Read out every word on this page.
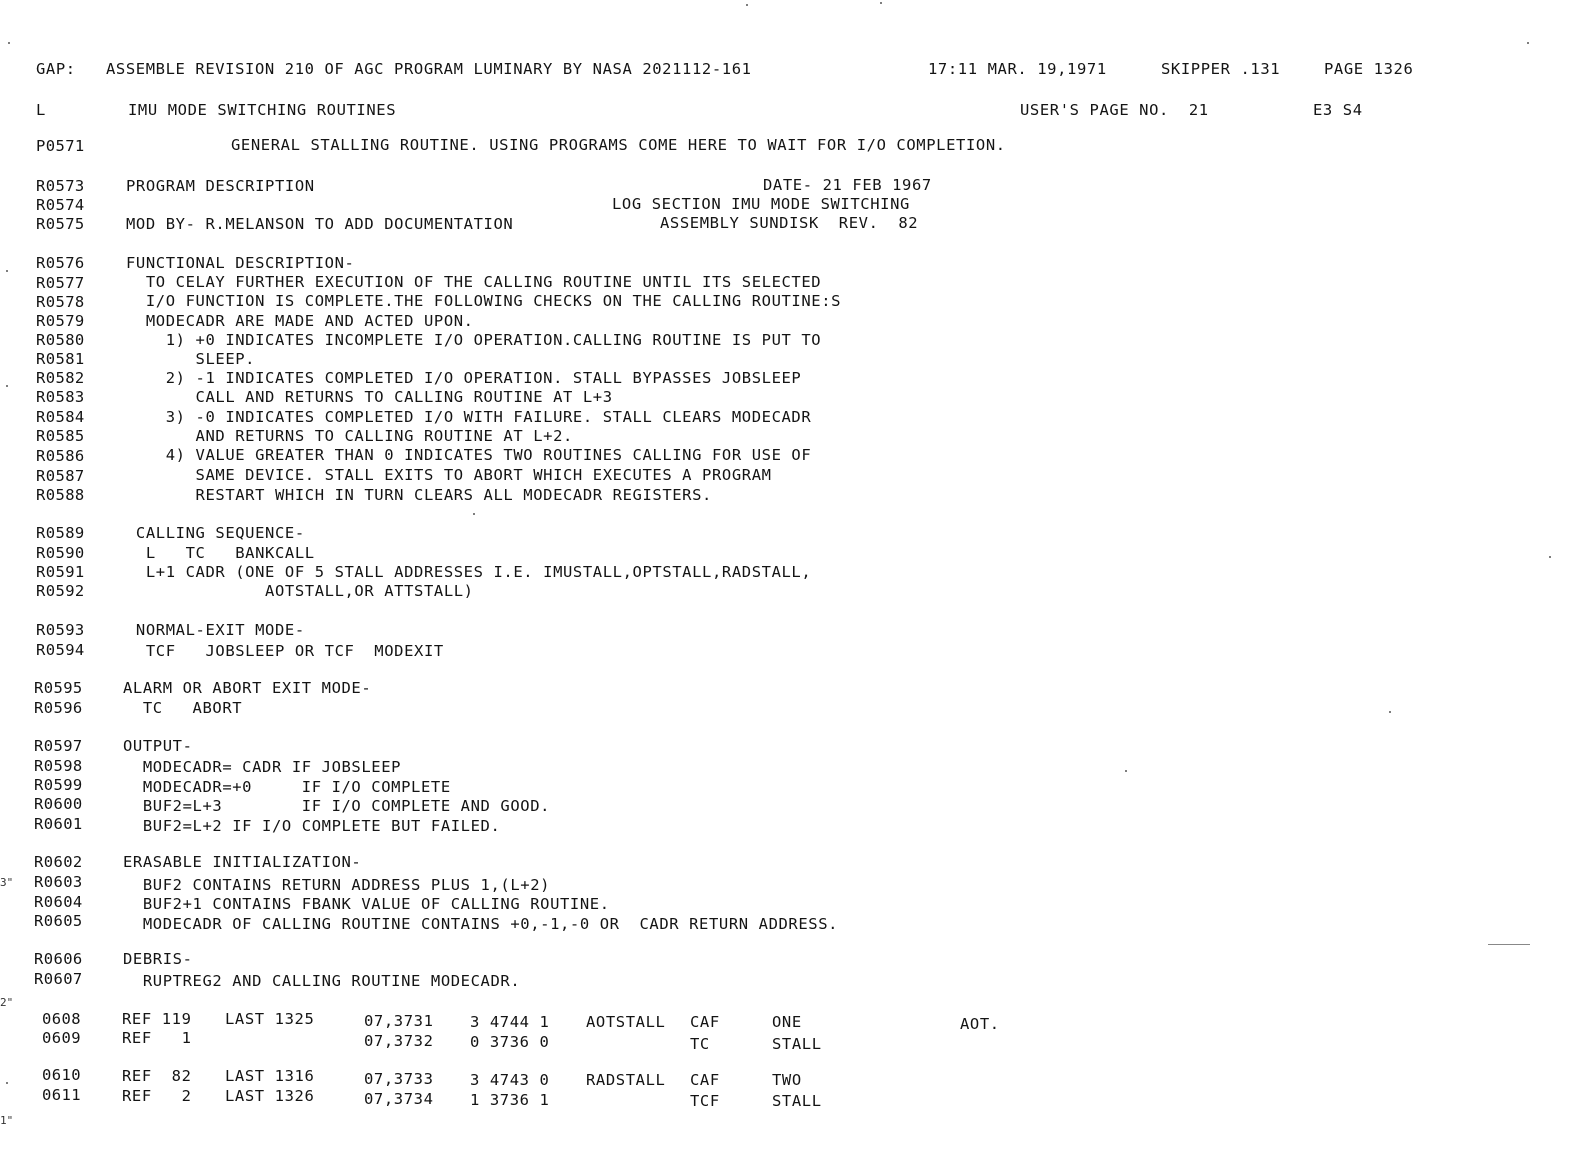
GAP: ASSEMBLE REVISION 210 OF AGC PROGRAM LUMINARY BY NASA 2021112-161	17:11 MAR. 19,1971	SKIPPER .131	PAGE 1326
L	IMU MODE SWITCHING ROUTINES	USER'S PAGE NO.  21	E3 S4
P0571	GENERAL STALLING ROUTINE. USING PROGRAMS COME HERE TO WAIT FOR I/O COMPLETION.
R0573	PROGRAM DESCRIPTION	DATE- 21 FEB 1967
R0574	LOG SECTION IMU MODE SWITCHING
R0575	MOD BY- R.MELANSON TO ADD DOCUMENTATION	ASSEMBLY SUNDISK  REV.  82
R0576	FUNCTIONAL DESCRIPTION-
R0577	TO CELAY FURTHER EXECUTION OF THE CALLING ROUTINE UNTIL ITS SELECTED
R0578	I/O FUNCTION IS COMPLETE.THE FOLLOWING CHECKS ON THE CALLING ROUTINE:S
R0579	MODECADR ARE MADE AND ACTED UPON.
R0580	1) +0 INDICATES INCOMPLETE I/O OPERATION.CALLING ROUTINE IS PUT TO
R0581	SLEEP.
R0582	2) -1 INDICATES COMPLETED I/O OPERATION. STALL BYPASSES JOBSLEEP
R0583	CALL AND RETURNS TO CALLING ROUTINE AT L+3
R0584	3) -0 INDICATES COMPLETED I/O WITH FAILURE. STALL CLEARS MODECADR
R0585	AND RETURNS TO CALLING ROUTINE AT L+2.
R0586	4) VALUE GREATER THAN 0 INDICATES TWO ROUTINES CALLING FOR USE OF
R0587	SAME DEVICE. STALL EXITS TO ABORT WHICH EXECUTES A PROGRAM
R0588	RESTART WHICH IN TURN CLEARS ALL MODECADR REGISTERS.
R0589	CALLING SEQUENCE-
R0590	L   TC   BANKCALL
R0591	L+1 CADR (ONE OF 5 STALL ADDRESSES I.E. IMUSTALL,OPTSTALL,RADSTALL,
R0592	AOTSTALL,OR ATTSTALL)
R0593	NORMAL-EXIT MODE-
R0594	TCF   JOBSLEEP OR TCF  MODEXIT
R0595	ALARM OR ABORT EXIT MODE-
R0596	TC   ABORT
R0597	OUTPUT-
R0598	MODECADR= CADR IF JOBSLEEP
R0599	MODECADR=+0     IF I/O COMPLETE
R0600	BUF2=L+3        IF I/O COMPLETE AND GOOD.
R0601	BUF2=L+2 IF I/O COMPLETE BUT FAILED.
R0602	ERASABLE INITIALIZATION-
R0603	BUF2 CONTAINS RETURN ADDRESS PLUS 1,(L+2)
R0604	BUF2+1 CONTAINS FBANK VALUE OF CALLING ROUTINE.
R0605	MODECADR OF CALLING ROUTINE CONTAINS +0,-1,-0 OR  CADR RETURN ADDRESS.
R0606	DEBRIS-
R0607	RUPTREG2 AND CALLING ROUTINE MODECADR.
0608	REF 119 LAST 1325	07,3731 3 4744 1 AOTSTALL CAF	ONE	AOT.
0609	REF   1	07,3732 0 3736 0	TC	STALL
0610	REF  82 LAST 1316	07,3733 3 4743 0 RADSTALL CAF	TWO
0611	REF   2 LAST 1326	07,3734 1 3736 1	TCF	STALL
3"
2"
1"
